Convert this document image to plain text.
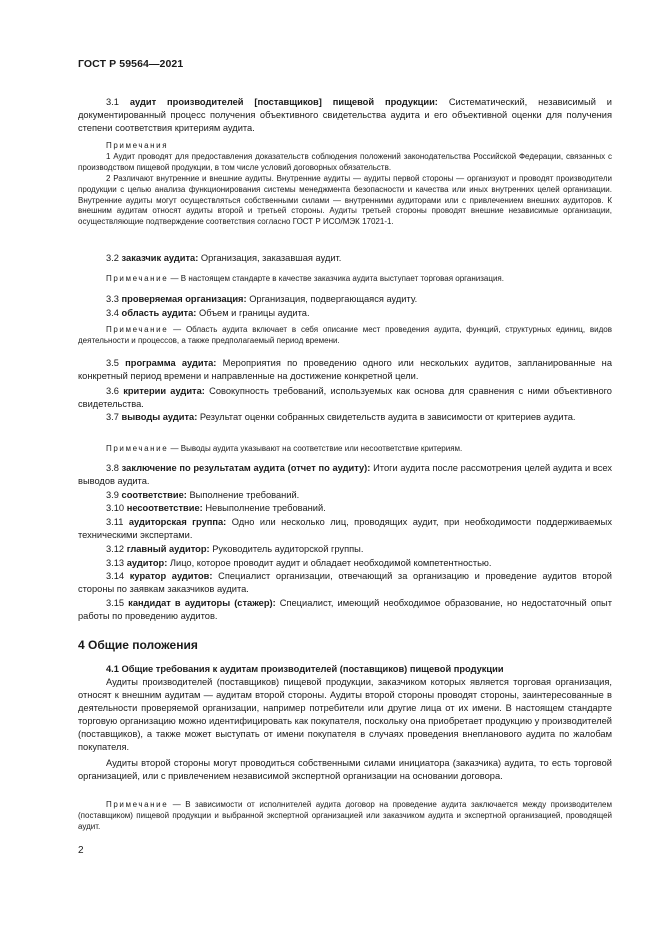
ГОСТ Р 59564—2021

3.1 аудит производителей [поставщиков] пищевой продукции: Систематический, независимый и документированный процесс получения объективного свидетельства аудита и его объективной оценки для получения степени соответствия критериям аудита.

Примечания

1 Аудит проводят для предоставления доказательств соблюдения положений законодательства Российской Федерации, связанных с производством пищевой продукции, в том числе условий договорных обязательств.

2 Различают внутренние и внешние аудиты. Внутренние аудиты — аудиты первой стороны — организуют и проводят производители продукции с целью анализа функционирования системы менеджмента безопасности и качества или иных внутренних целей организации. Внутренние аудиты могут осуществляться собственными силами — внутренними аудиторами или с привлечением внешних аудиторов. К внешним аудитам относят аудиты второй и третьей стороны. Аудиты третьей стороны проводят внешние независимые организации, осуществляющие подтверждение соответствия согласно ГОСТ Р ИСО/МЭК 17021-1.

3.2 заказчик аудита: Организация, заказавшая аудит.

Примечание — В настоящем стандарте в качестве заказчика аудита выступает торговая организация.

3.3 проверяемая организация: Организация, подвергающаяся аудиту.

3.4 область аудита: Объем и границы аудита.

Примечание — Область аудита включает в себя описание мест проведения аудита, функций, структурных единиц, видов деятельности и процессов, а также предполагаемый период времени.

3.5 программа аудита: Мероприятия по проведению одного или нескольких аудитов, запланированные на конкретный период времени и направленные на достижение конкретной цели.

3.6 критерии аудита: Совокупность требований, используемых как основа для сравнения с ними объективного свидетельства.

3.7 выводы аудита: Результат оценки собранных свидетельств аудита в зависимости от критериев аудита.

Примечание — Выводы аудита указывают на соответствие или несоответствие критериям.

3.8 заключение по результатам аудита (отчет по аудиту): Итоги аудита после рассмотрения целей аудита и всех выводов аудита.

3.9 соответствие: Выполнение требований.

3.10 несоответствие: Невыполнение требований.

3.11 аудиторская группа: Одно или несколько лиц, проводящих аудит, при необходимости поддерживаемых техническими экспертами.

3.12 главный аудитор: Руководитель аудиторской группы.

3.13 аудитор: Лицо, которое проводит аудит и обладает необходимой компетентностью.

3.14 куратор аудитов: Специалист организации, отвечающий за организацию и проведение аудитов второй стороны по заявкам заказчиков аудита.

3.15 кандидат в аудиторы (стажер): Специалист, имеющий необходимое образование, но недостаточный опыт работы по проведению аудитов.

4 Общие положения

4.1 Общие требования к аудитам производителей (поставщиков) пищевой продукции

Аудиты производителей (поставщиков) пищевой продукции, заказчиком которых является торговая организация, относят к внешним аудитам — аудитам второй стороны. Аудиты второй стороны проводят стороны, заинтересованные в деятельности проверяемой организации, например потребители или другие лица от их имени. В настоящем стандарте торговую организацию можно идентифицировать как покупателя, поскольку она приобретает продукцию у производителей (поставщиков), а также может выступать от имени покупателя в случаях проведения внепланового аудита по жалобам покупателя.

Аудиты второй стороны могут проводиться собственными силами инициатора (заказчика) аудита, то есть торговой организацией, или с привлечением независимой экспертной организации на основании договора.

Примечание — В зависимости от исполнителей аудита договор на проведение аудита заключается между производителем (поставщиком) пищевой продукции и выбранной экспертной организацией или заказчиком аудита и экспертной организацией, проводящей аудит.

2
